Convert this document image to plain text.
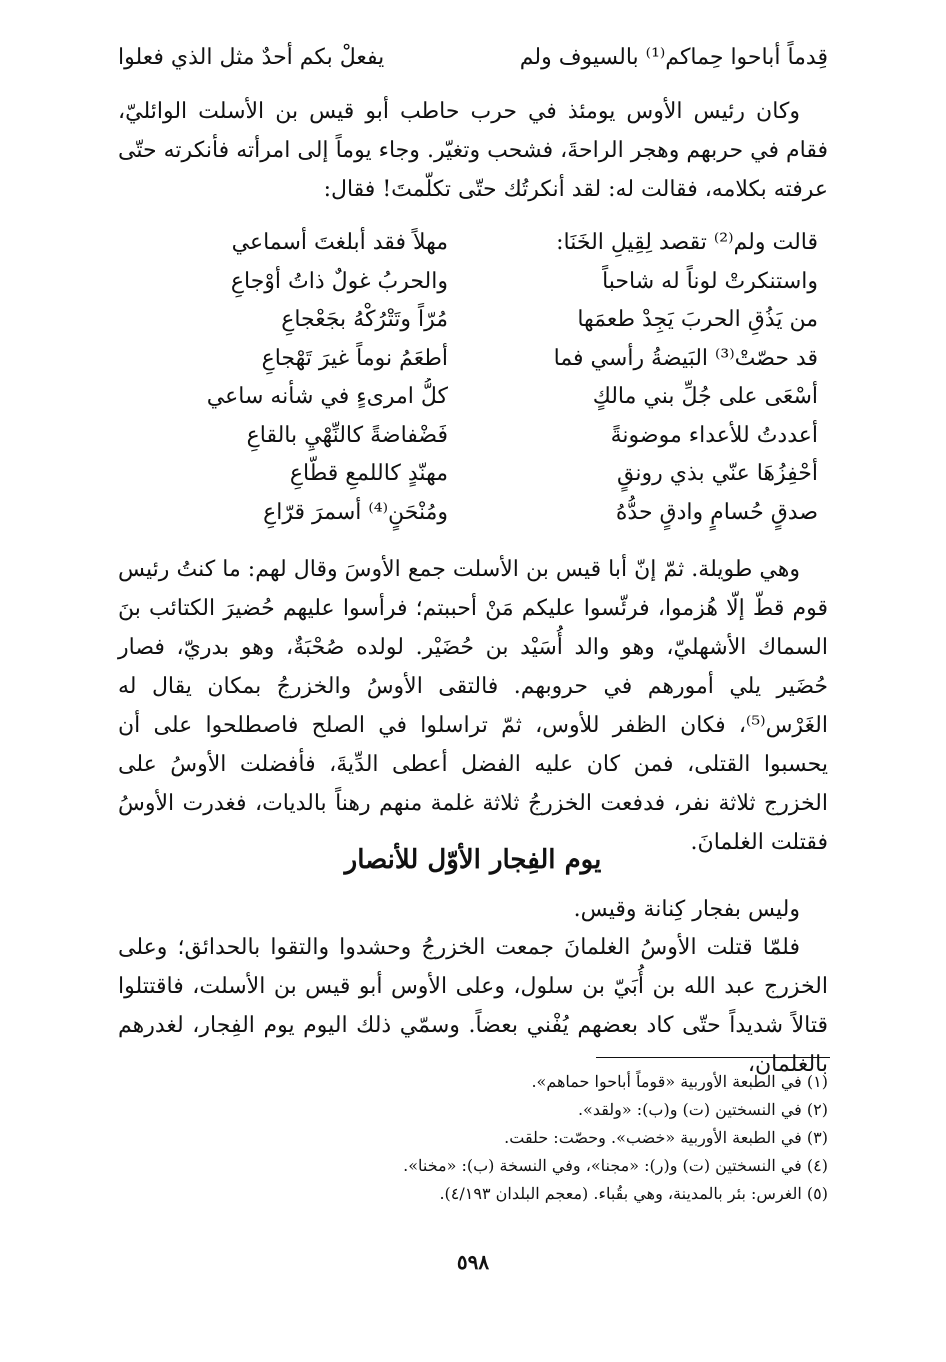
قِدماً أباحوا حِماكم⁽¹⁾ بالسيوف ولم
يفعلْ بكم أحدٌ مثل الذي فعلوا

وكان رئيس الأوس يومئذ في حرب حاطب أبو قيس بن الأسلت الوائليّ، فقام في حربهم وهجر الراحةَ، فشحب وتغيّر. وجاء يوماً إلى امرأته فأنكرته حتّى عرفته بكلامه، فقالت له: لقد أنكرتُك حتّى تكلّمتَ! فقال:

قالت ولم⁽²⁾ تقصد لِقِيلِ الخَنَا:
مهلاً فقد أبلغتَ أسماعي
واستنكرتْ لوناً له شاحباً
والحربُ غولٌ ذاتُ أوْجاعِ
من يَذُقِ الحربَ يَجِدْ طعمَها
مُرّاً وتَتْرُكْهُ بجَعْجاعِ
قد حصّتْ⁽³⁾ البَيضةُ رأسي فما
أطعَمُ نوماً غيرَ تَهْجاعِ
أسْعَى على جُلِّ بني مالكٍ
كلُّ امرىءٍ في شأنه ساعي
أعددتُ للأعداء موضونةً
فَضْفاضةً كالنِّهْيِ بالقاعِ
أحْفِزُهَا عنّي بذي رونقٍ
مهنّدٍ كاللمعِ قطّاعِ
صدقٍ حُسامٍ وادقٍ حدُّهُ
ومُنْحَنٍ⁽⁴⁾ أسمرَ قرّاعِ

وهي طويلة. ثمّ إنّ أبا قيس بن الأسلت جمع الأوسَ وقال لهم: ما كنتُ رئيس قوم قطّ إلّا هُزموا، فرئّسوا عليكم مَنْ أحببتم؛ فرأسوا عليهم حُضيرَ الكتائب بنَ السماك الأشهليّ، وهو والد أُسَيْد بن حُضَيْر. لولده صُحْبَةٌ، وهو بدريّ، فصار حُضَير يلي أمورهم في حروبهم. فالتقى الأوسُ والخزرجُ بمكان يقال له الغَرْس⁽⁵⁾، فكان الظفر للأوس، ثمّ تراسلوا في الصلح فاصطلحوا على أن يحسبوا القتلى، فمن كان عليه الفضل أعطى الدِّيةَ، فأفضلت الأوسُ على الخزرج ثلاثة نفر، فدفعت الخزرجُ ثلاثة غلمة منهم رهناً بالديات، فغدرت الأوسُ فقتلت الغلمانَ.

يوم الفِجار الأوّل للأنصار

وليس بفجار كِنانة وقيس.

فلمّا قتلت الأوسُ الغلمانَ جمعت الخزرجُ وحشدوا والتقوا بالحدائق؛ وعلى الخزرج عبد الله بن أُبَيّ بن سلول، وعلى الأوس أبو قيس بن الأسلت، فاقتتلوا قتالاً شديداً حتّى كاد بعضهم يُفْني بعضاً. وسمّي ذلك اليوم يوم الفِجار، لغدرهم بالغلمان،

(١) في الطبعة الأوربية «قوماً أباحوا حماهم».
(٢) في النسختين (ت) و(ب): «ولقد».
(٣) في الطبعة الأوربية «خضب». وحصّت: حلقت.
(٤) في النسختين (ت) و(ر): «مجنا»، وفي النسخة (ب): «مخنا».
(٥) الغرس: بئر بالمدينة، وهي بقُباء. (معجم البلدان ٤/١٩٣).
٥٩٨
